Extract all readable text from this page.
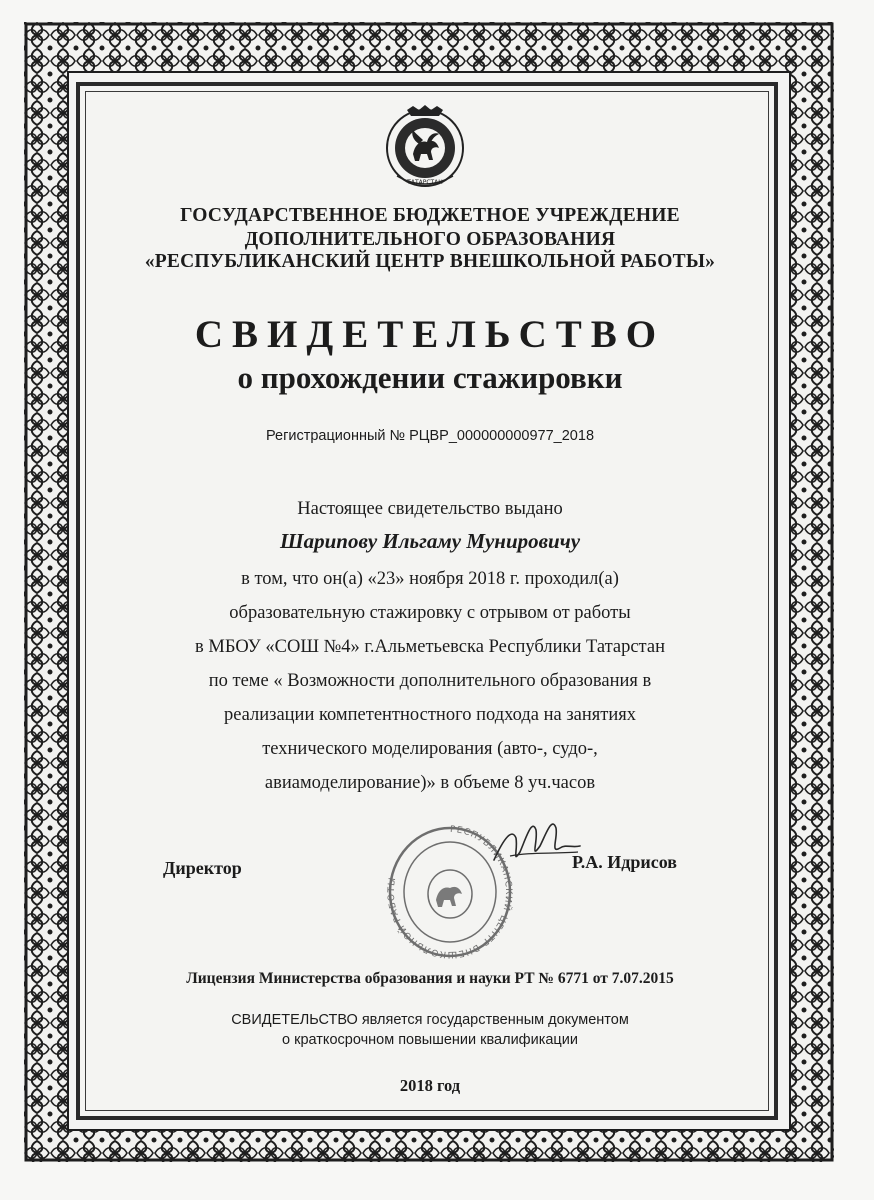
ТАТАРСТАН
ГОСУДАРСТВЕННОЕ БЮДЖЕТНОЕ УЧРЕЖДЕНИЕ
ДОПОЛНИТЕЛЬНОГО ОБРАЗОВАНИЯ
«РЕСПУБЛИКАНСКИЙ ЦЕНТР ВНЕШКОЛЬНОЙ РАБОТЫ»
СВИДЕТЕЛЬСТВО
о прохождении стажировки
Регистрационный № РЦВР_000000000977_2018
Настоящее свидетельство выдано
Шарипову Ильгаму Мунировичу
в том, что он(а) «23» ноября 2018 г. проходил(а)
образовательную стажировку с отрывом от работы
в МБОУ «СОШ №4» г.Альметьевска Республики Татарстан
по теме « Возможности дополнительного образования в
реализации компетентностного подхода на занятиях
технического моделирования (авто-, судо-,
авиамоделирование)» в объеме 8 уч.часов
Директор
РЕСПУБЛИКАНСКИЙ ЦЕНТР ВНЕШКОЛЬНОЙ РАБОТЫ
Р.А. Идрисов
Лицензия Министерства образования и науки РТ № 6771 от 7.07.2015
СВИДЕТЕЛЬСТВО является государственным документом
о краткосрочном повышении квалификации
2018 год
